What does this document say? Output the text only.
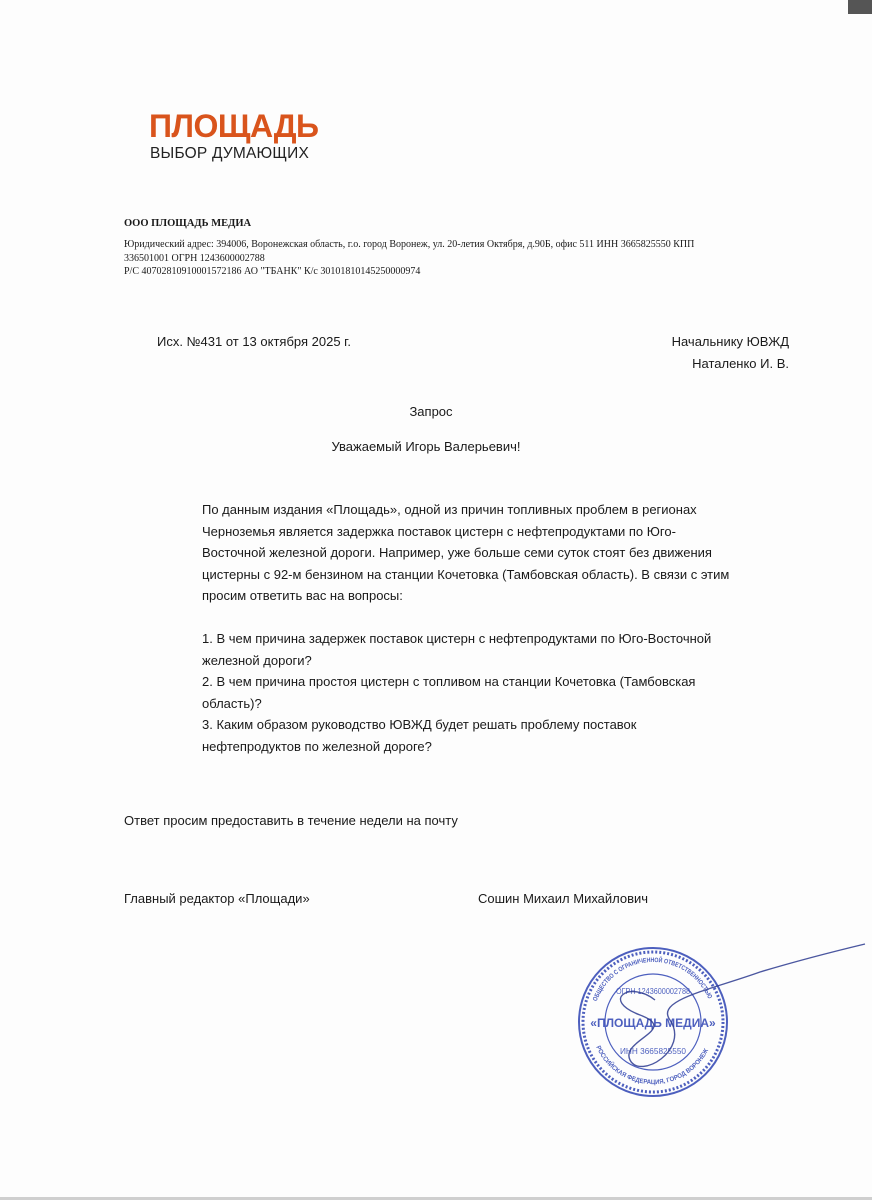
ПЛОЩАДЬ
ВЫБОР ДУМАЮЩИХ
ООО ПЛОЩАДЬ МЕДИА
Юридический адрес: 394006, Воронежская область, г.о. город Воронеж, ул. 20-летия Октября, д.90Б, офис 511 ИНН 3665825550 КПП
336501001 ОГРН 1243600002788
Р/С 40702810910001572186 АО "ТБАНК" К/с 30101810145250000974
Исх. №431 от 13 октября 2025 г.	Начальнику ЮВЖД
Наталенко И. В.
Запрос
Уважаемый Игорь Валерьевич!
По данным издания «Площадь», одной из причин топливных проблем в регионах
Черноземья является задержка поставок цистерн с нефтепродуктами по Юго-
Восточной железной дороги. Например, уже больше семи суток стоят без движения
цистерны с 92-м бензином на станции Кочетовка (Тамбовская область). В связи с этим
просим ответить вас на вопросы:
1. В чем причина задержек поставок цистерн с нефтепродуктами по Юго-Восточной
железной дороги?
2. В чем причина простоя цистерн с топливом на станции Кочетовка (Тамбовская
область)?
3. Каким образом руководство ЮВЖД будет решать проблему поставок
нефтепродуктов по железной дороге?
Ответ просим предоставить в течение недели на почту
Главный редактор «Площади»	Сошин Михаил Михайлович
ОБЩЕСТВО С ОГРАНИЧЕННОЙ ОТВЕТСТВЕННОСТЬЮ
РОССИЙСКАЯ ФЕДЕРАЦИЯ, ГОРОД ВОРОНЕЖ
ОГРН 1243600002788
«ПЛОЩАДЬ МЕДИА»
ИНН 3665825550
